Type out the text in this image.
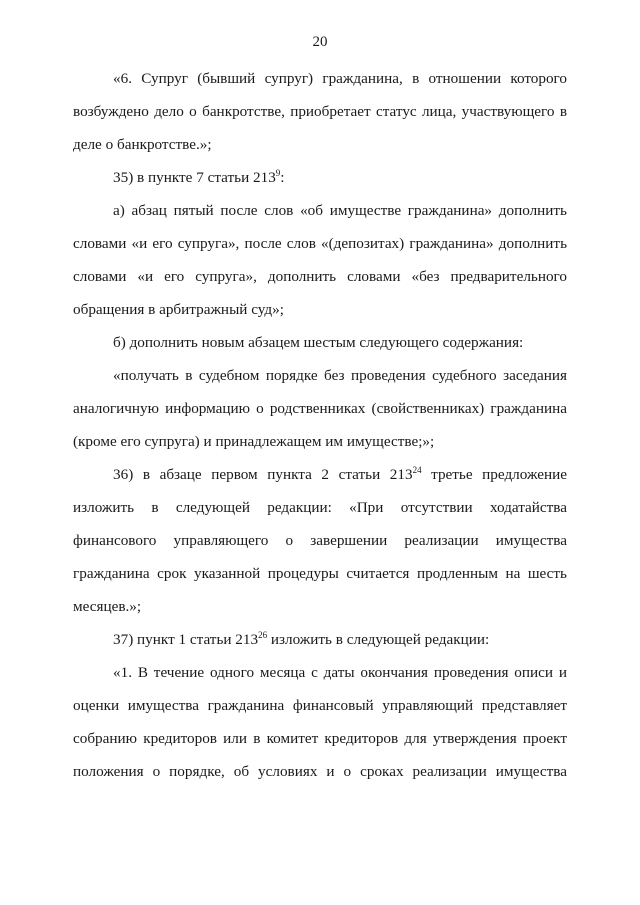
20

«6. Супруг (бывший супруг) гражданина, в отношении которого возбуждено дело о банкротстве, приобретает статус лица, участвующего в деле о банкротстве.»;

35) в пункте 7 статьи $213^9$:

а) абзац пятый после слов «об имуществе гражданина» дополнить словами «и его супруга», после слов «(депозитах) гражданина» дополнить словами «и его супруга», дополнить словами «без предварительного обращения в арбитражный суд»;

б) дополнить новым абзацем шестым следующего содержания:

«получать в судебном порядке без проведения судебного заседания аналогичную информацию о родственниках (свойственниках) гражданина (кроме его супруга) и принадлежащем им имуществе;»;

36) в абзаце первом пункта 2 статьи $213^{24}$ третье предложение изложить в следующей редакции: «При отсутствии ходатайства финансового управляющего о завершении реализации имущества гражданина срок указанной процедуры считается продленным на шесть месяцев.»;

37) пункт 1 статьи $213^{26}$ изложить в следующей редакции:

«1. В течение одного месяца с даты окончания проведения описи и оценки имущества гражданина финансовый управляющий представляет собранию кредиторов или в комитет кредиторов для утверждения проект положения о порядке, об условиях и о сроках реализации имущества
